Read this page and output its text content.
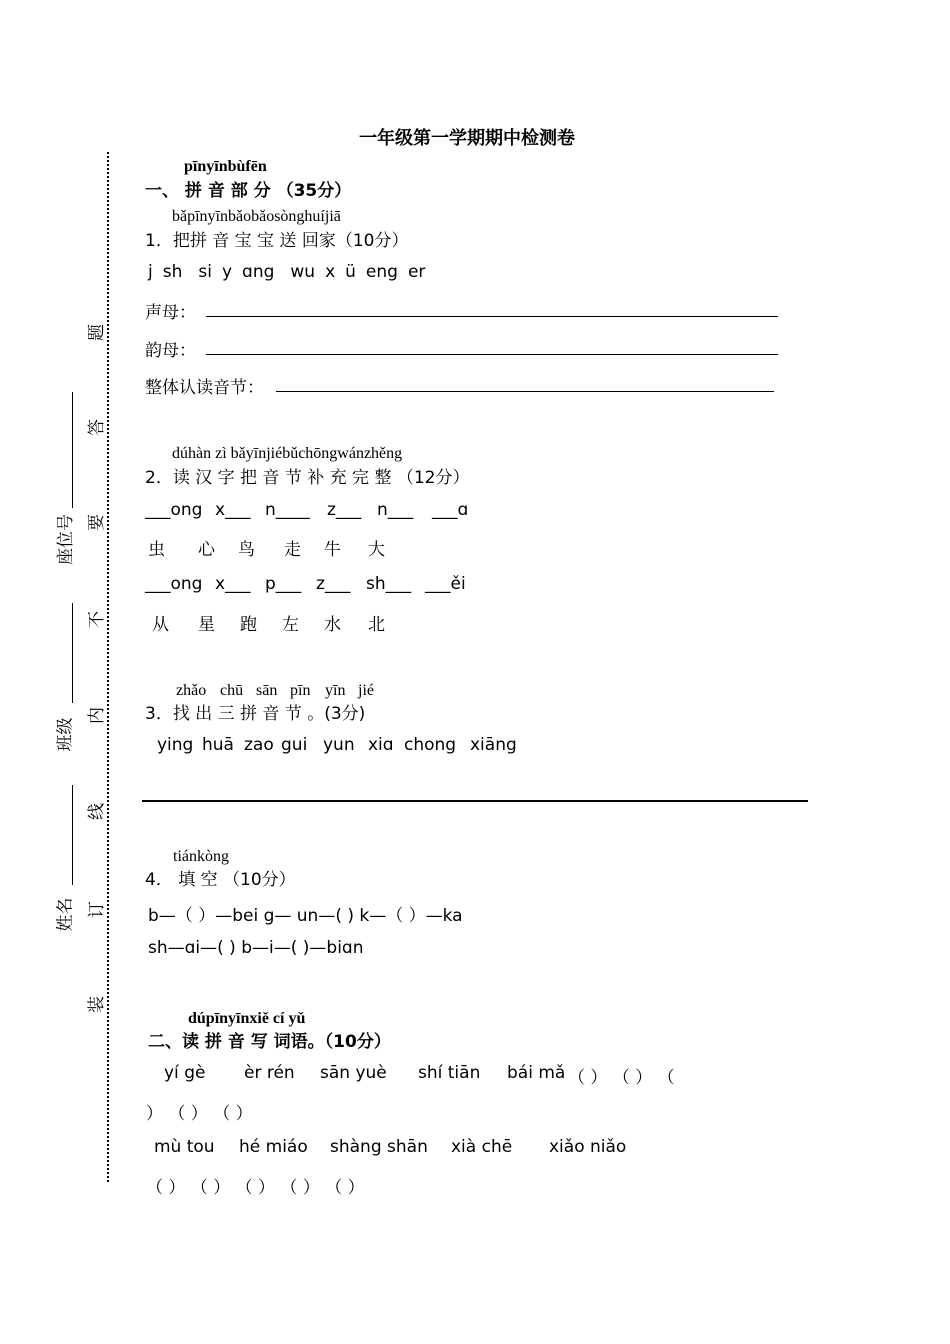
一年级第一学期期中检测卷
题
答
要
不
内
线
订
装
座位号
班级
姓名
pīnyīnbùfēn
一、 拼 音 部 分 （35分）
bǎpīnyīnbǎobǎosònghuíjiā
1．把拼 音 宝 宝 送 回家（10分）
j sh si y ɑng wu x ü eng er
声母：
韵母：
整体认读音节：
dúhàn zì bǎyīnjiébǔchōngwánzhěng
2．读 汉 字 把 音 节 补 充 完 整 （12分）
___ong x___ n____ z___ n___ ___ɑ
虫 心 鸟 走 牛 大
___ong x___ p___ z___ sh___ ___ěi
从 星 跑 左 水 北
zhǎo chū sān pīn yīn jié
3．找 出 三 拼 音 节 。(3分)
ying huā zao gui yun xiɑ chong xiāng
tiánkòng
4． 填 空 （10分）
b—（ ）—bei g— un—( ) k—（ ）—ka
sh—ɑi—( ) b—i—( )—biɑn
dúpīnyīnxiě cí yǔ
二、读 拼 音 写 词语。（10分）
yí gè èr rén sān yuè shí tiān bái mǎ （ ） （ ） （
） （ ） （ ）
mù tou hé miáo shàng shān xià chē xiǎo niǎo
（ ） （ ） （ ） （ ） （ ）
